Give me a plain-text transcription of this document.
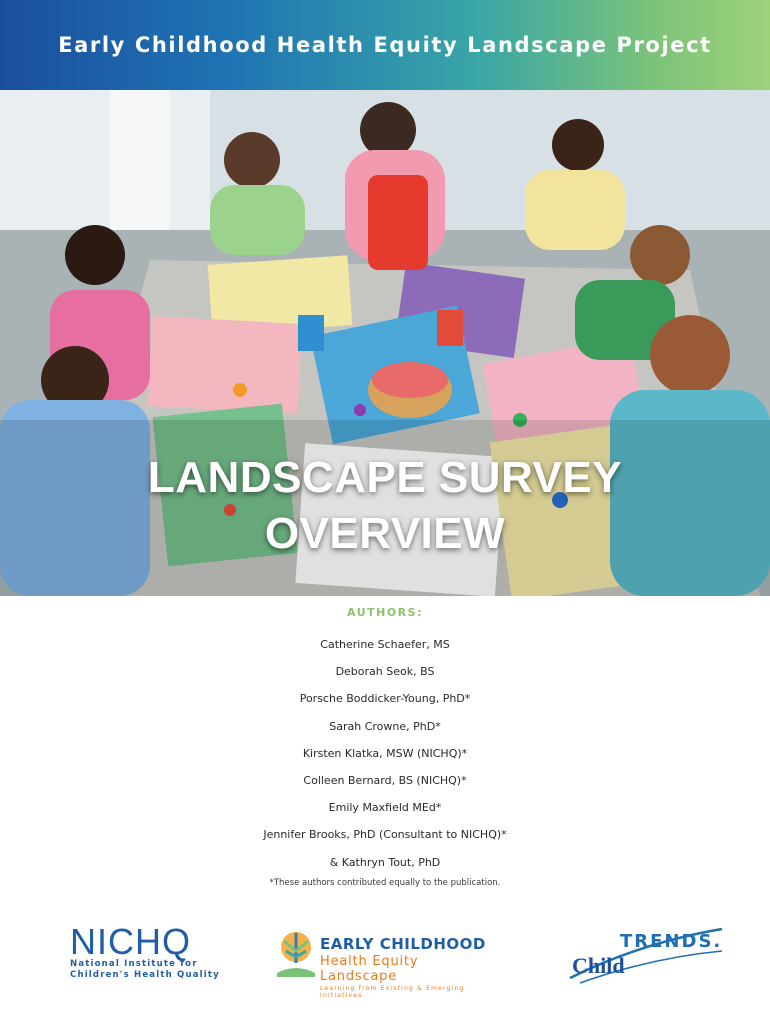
Early Childhood Health Equity Landscape Project
LANDSCAPE SURVEY
OVERVIEW
AUTHORS:
Catherine Schaefer, MS
Deborah Seok, BS
Porsche Boddicker-Young, PhD*
Sarah Crowne, PhD*
Kirsten Klatka, MSW (NICHQ)*
Colleen Bernard, BS (NICHQ)*
Emily Maxfield MEd*
Jennifer Brooks, PhD (Consultant to NICHQ)*
& Kathryn Tout, PhD
*These authors contributed equally to the publication.
NICHQ
National Institute for
Children's Health Quality
EARLY CHILDHOOD
Health Equity Landscape
Learning from Existing & Emerging Initiatives
TRENDS.
Child
